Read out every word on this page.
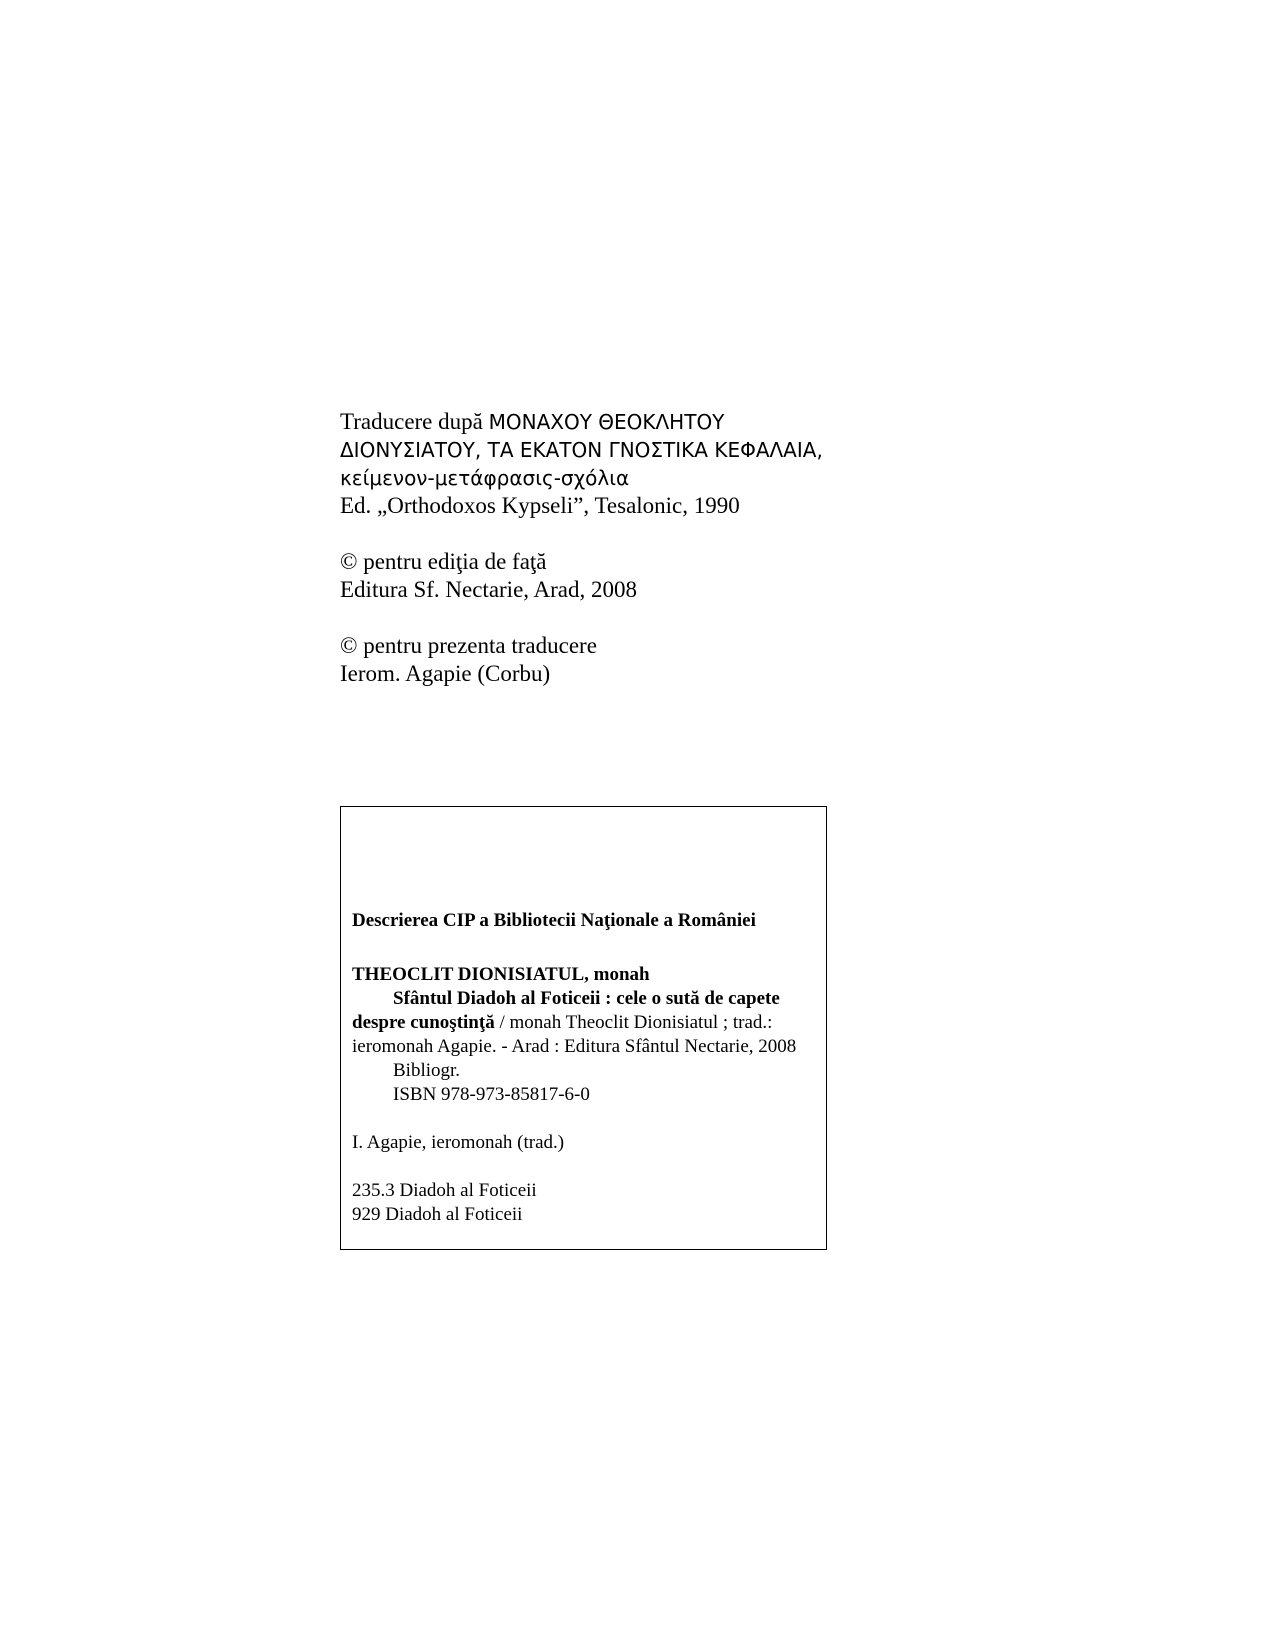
Traducere după ΜΟΝΑΧΟΥ ΘΕΟΚΛΗΤΟΥ

ΔΙΟΝΥΣΙΑΤΟΥ, ΤΑ ΕΚΑΤΟΝ ΓΝΟΣΤΙΚΑ ΚΕΦΑΛΑΙΑ,

κείμενον-μετάφρασις-σχόλια

Ed. „Orthodoxos Kypseli”, Tesalonic, 1990

© pentru ediţia de faţă

Editura Sf. Nectarie, Arad, 2008

© pentru prezenta traducere

Ierom. Agapie (Corbu)

Descrierea CIP a Bibliotecii Naţionale a României

THEOCLIT DIONISIATUL, monah

Sfântul Diadoh al Foticeii : cele o sută de capete despre cunoştinţă / monah Theoclit Dionisiatul ; trad.: ieromonah Agapie. - Arad : Editura Sfântul Nectarie, 2008

Bibliogr.

ISBN 978-973-85817-6-0

I. Agapie, ieromonah (trad.)

235.3 Diadoh al Foticeii

929 Diadoh al Foticeii
